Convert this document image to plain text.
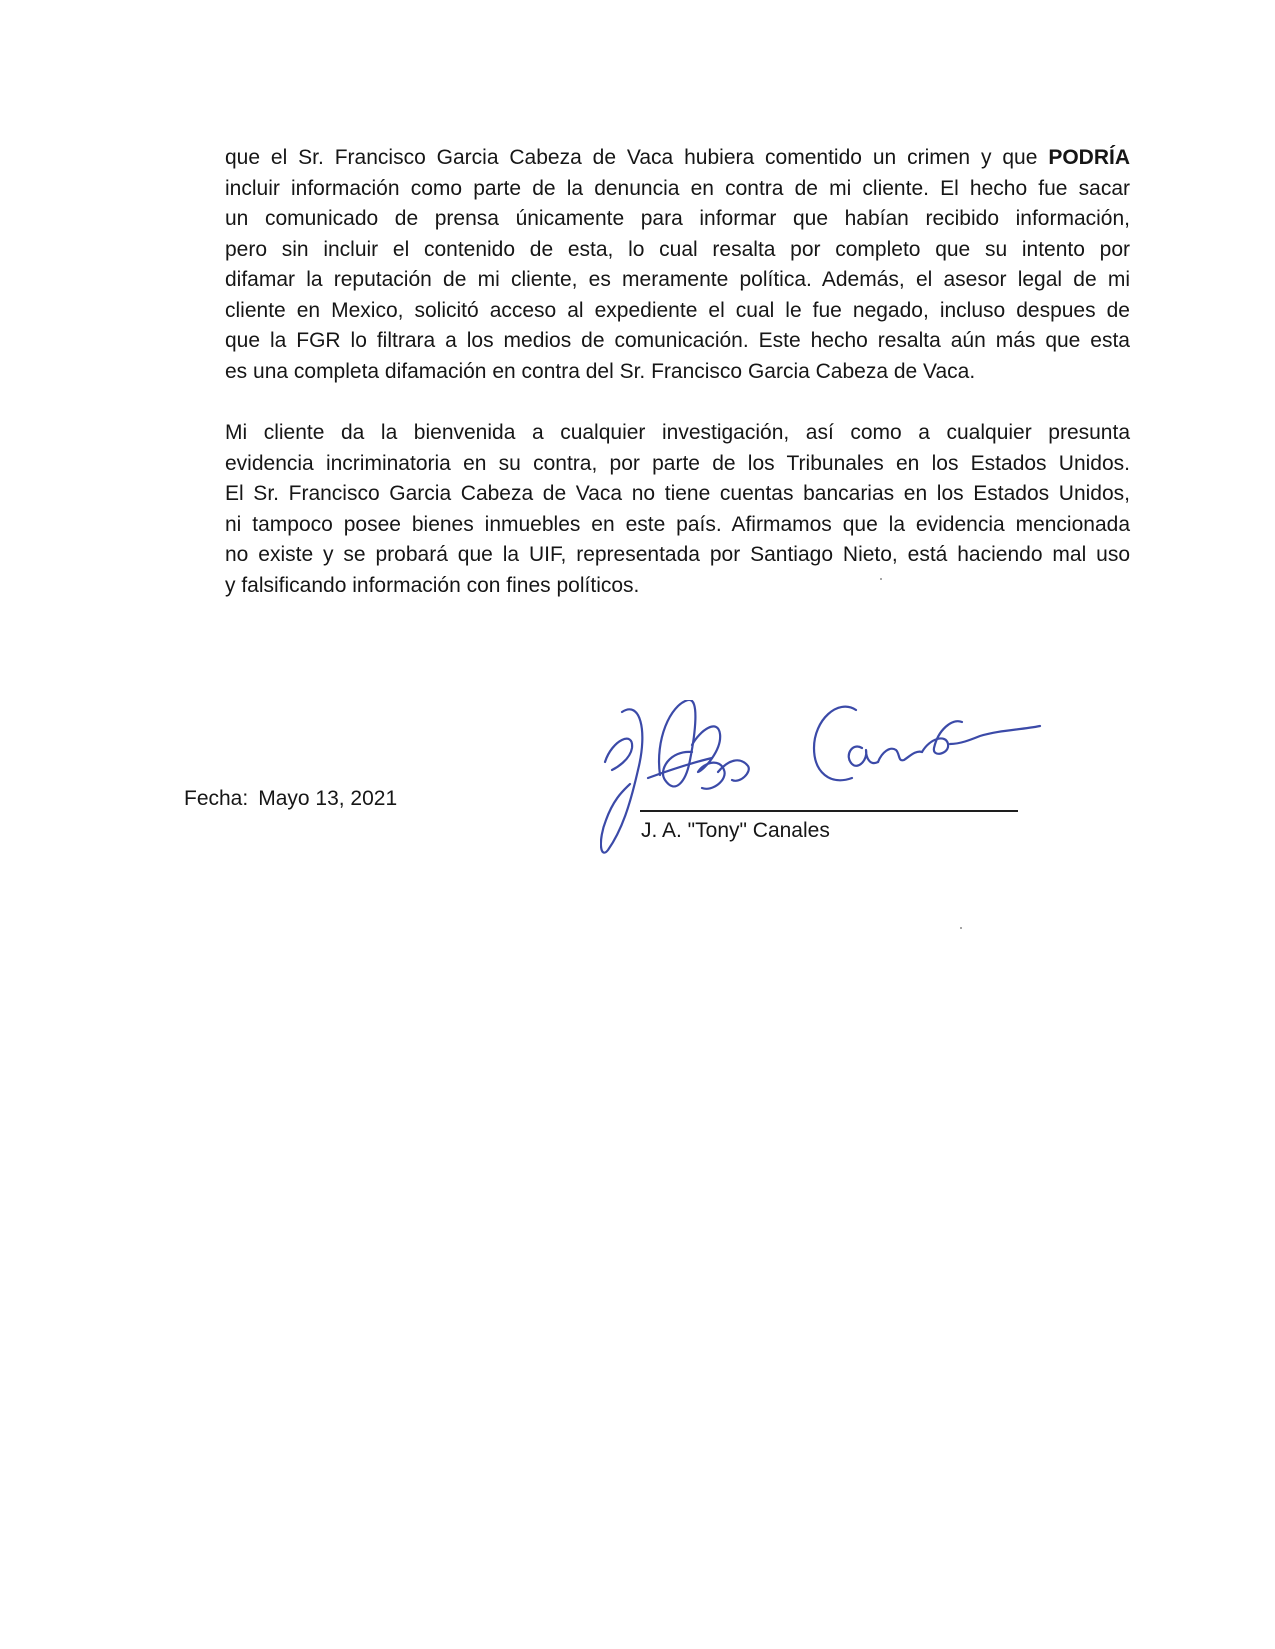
que el Sr. Francisco Garcia Cabeza de Vaca hubiera comentido un crimen y que PODRÍA
incluir información como parte de la denuncia en contra de mi cliente. El hecho fue sacar
un comunicado de prensa únicamente para informar que habían recibido información,
pero sin incluir el contenido de esta, lo cual resalta por completo que su intento por
difamar la reputación de mi cliente, es meramente política. Además, el asesor legal de mi
cliente en Mexico, solicitó acceso al expediente el cual le fue negado, incluso despues de
que la FGR lo filtrara a los medios de comunicación. Este hecho resalta aún más que esta
es una completa difamación en contra del Sr. Francisco Garcia Cabeza de Vaca.
Mi cliente da la bienvenida a cualquier investigación, así como a cualquier presunta
evidencia incriminatoria en su contra, por parte de los Tribunales en los Estados Unidos.
El Sr. Francisco Garcia Cabeza de Vaca no tiene cuentas bancarias en los Estados Unidos,
ni tampoco posee bienes inmuebles en este país. Afirmamos que la evidencia mencionada
no existe y se probará que la UIF, representada por Santiago Nieto, está haciendo mal uso
y falsificando información con fines políticos.
Fecha: Mayo 13, 2021
J. A. "Tony" Canales
